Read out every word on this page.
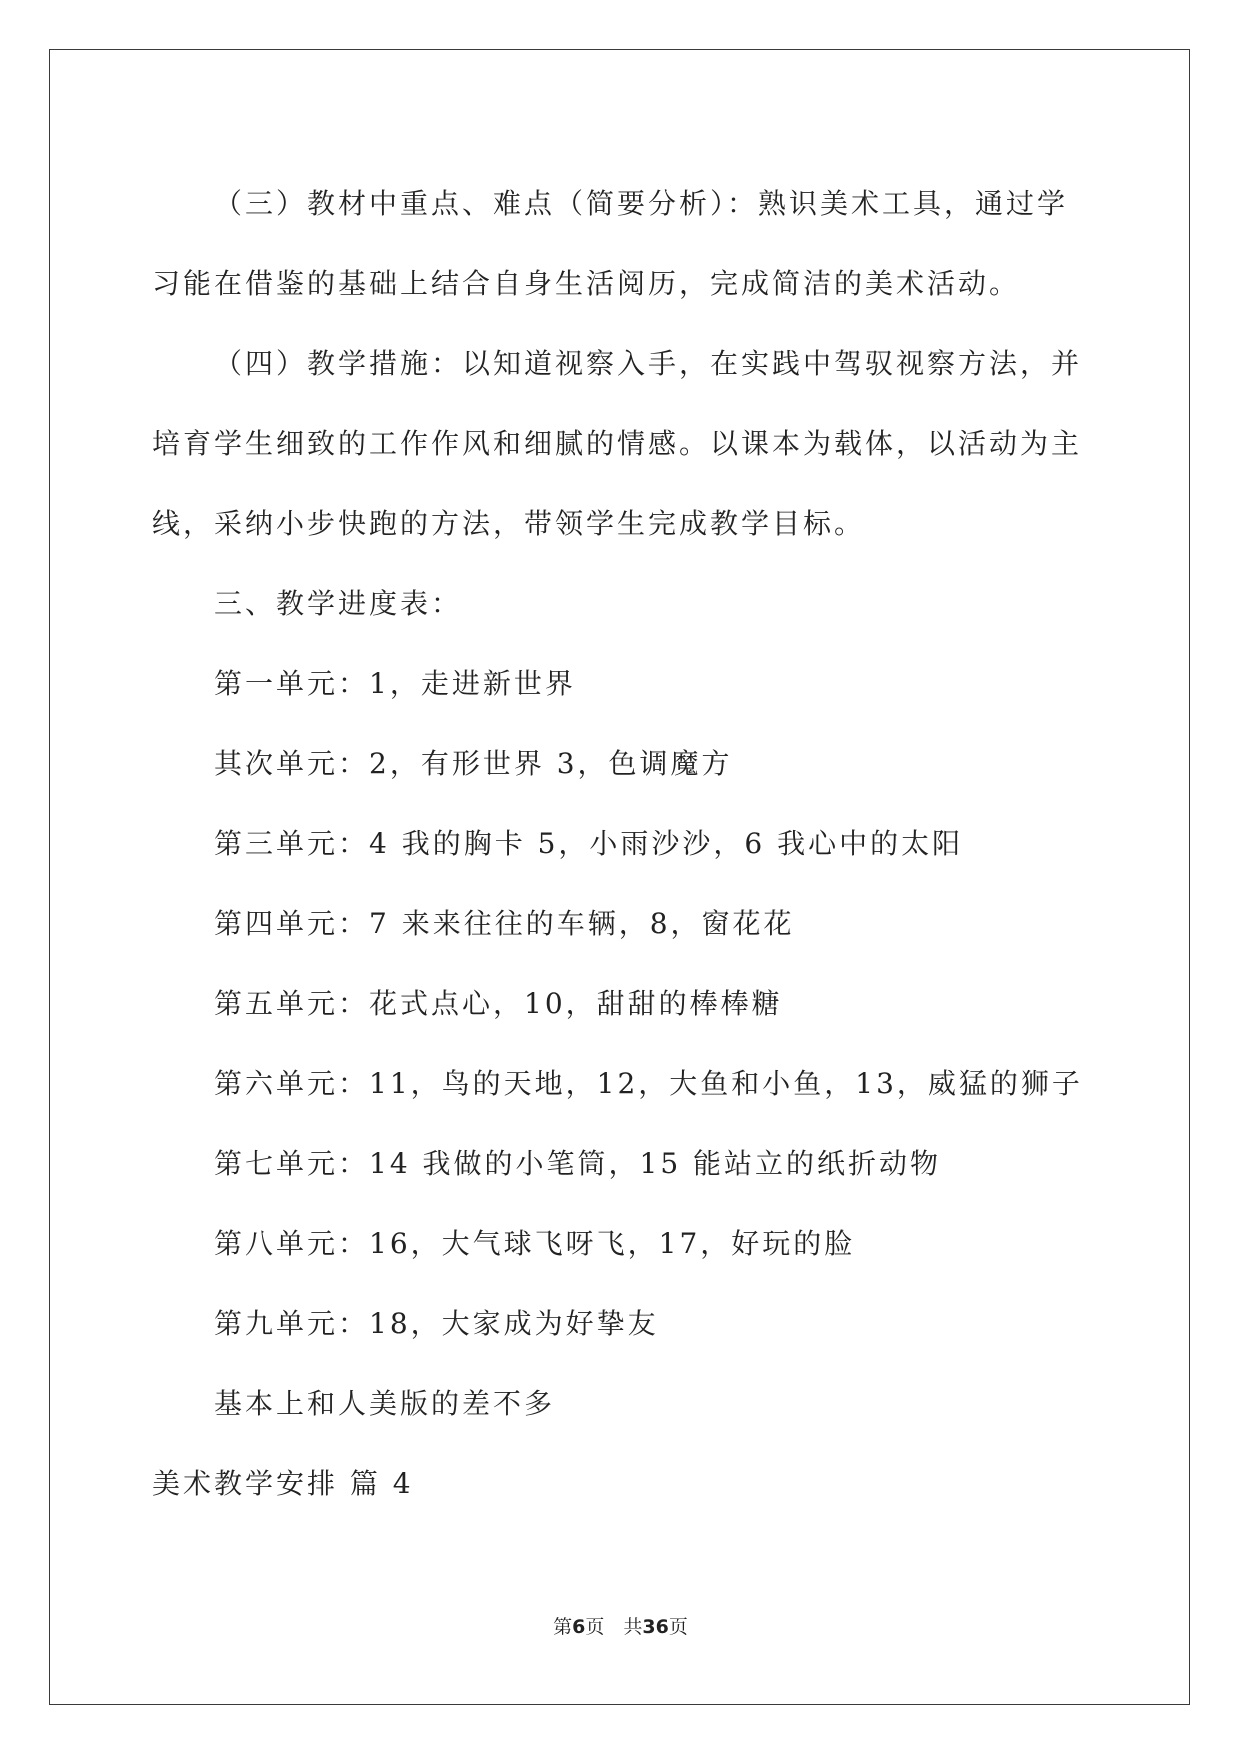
（三）教材中重点、难点（简要分析）：熟识美术工具，通过学习能在借鉴的基础上结合自身生活阅历，完成简洁的美术活动。

（四）教学措施：以知道视察入手，在实践中驾驭视察方法，并培育学生细致的工作作风和细腻的情感。以课本为载体，以活动为主线，采纳小步快跑的方法，带领学生完成教学目标。

三、教学进度表：

第一单元：1，走进新世界

其次单元：2，有形世界 3，色调魔方

第三单元：4 我的胸卡 5，小雨沙沙，6 我心中的太阳

第四单元：7 来来往往的车辆，8，窗花花

第五单元：花式点心，10，甜甜的棒棒糖

第六单元：11，鸟的天地，12，大鱼和小鱼，13，威猛的狮子

第七单元：14 我做的小笔筒，15 能站立的纸折动物

第八单元：16，大气球飞呀飞，17，好玩的脸

第九单元：18，大家成为好挚友

基本上和人美版的差不多

美术教学安排 篇 4

第6页　共36页
